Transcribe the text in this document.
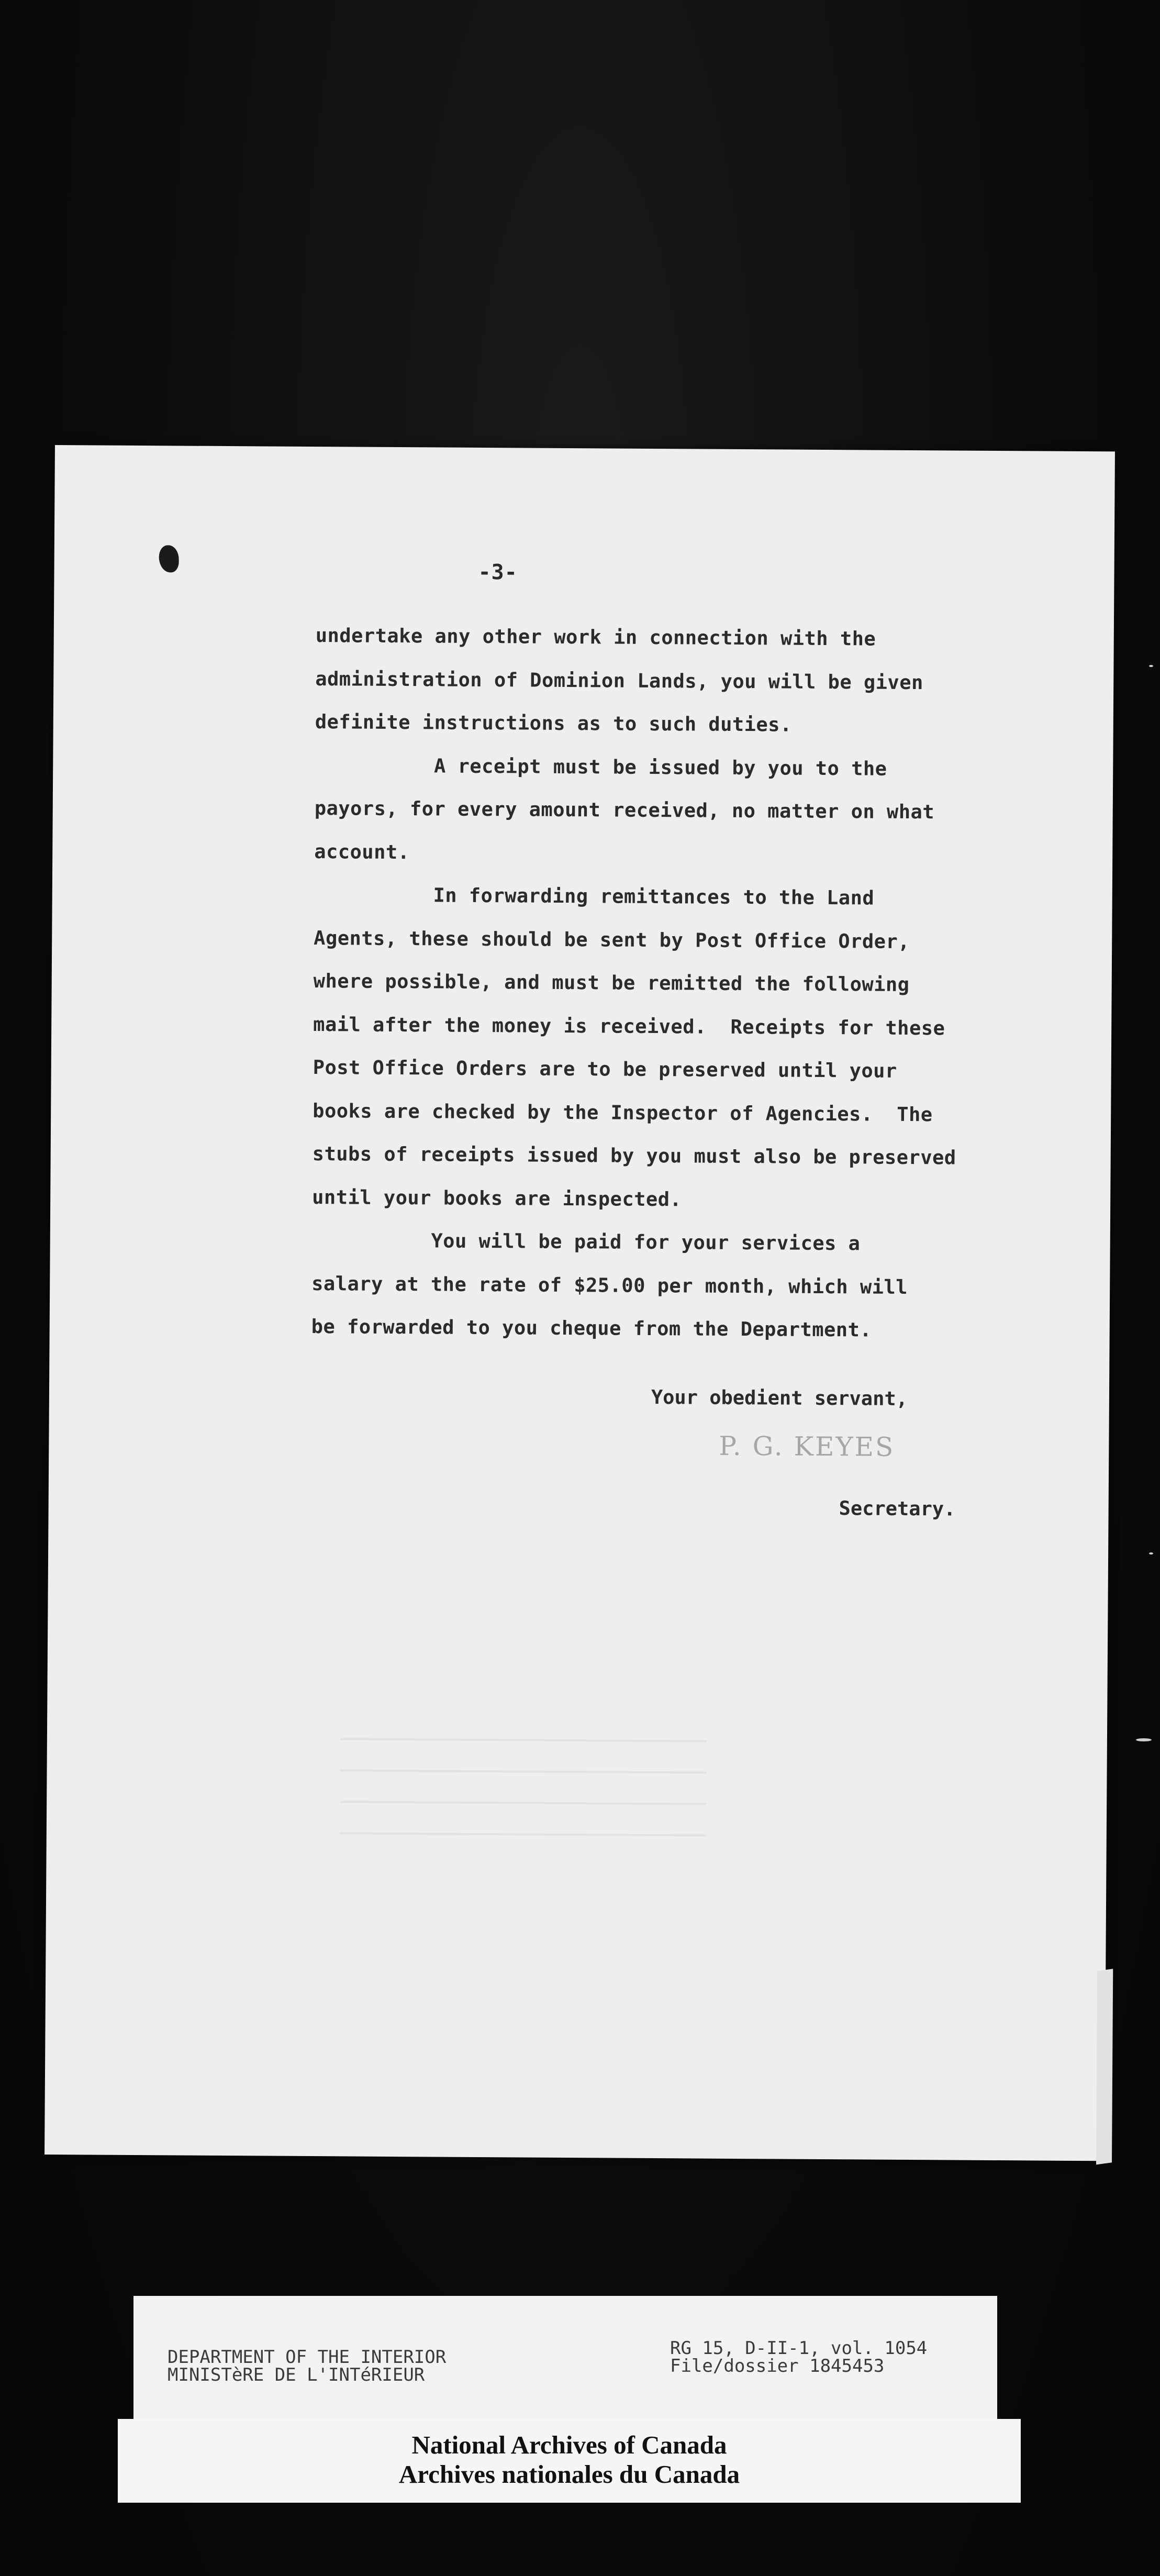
-3-
undertake any other work in connection with the
administration of Dominion Lands, you will be given
definite instructions as to such duties.
A receipt must be issued by you to the
payors, for every amount received, no matter on what
account.
In forwarding remittances to the Land
Agents, these should be sent by Post Office Order,
where possible, and must be remitted the following
mail after the money is received.  Receipts for these
Post Office Orders are to be preserved until your
books are checked by the Inspector of Agencies.  The
stubs of receipts issued by you must also be preserved
until your books are inspected.
You will be paid for your services a
salary at the rate of $25.00 per month, which will
be forwarded to you cheque from the Department.
Your obedient servant,
P. G. KEYES
Secretary.
DEPARTMENT OF THE INTERIOR
MINISTèRE DE L'INTéRIEUR
RG 15, D-II-1, vol. 1054
File/dossier 1845453
National Archives of Canada
Archives nationales du Canada
